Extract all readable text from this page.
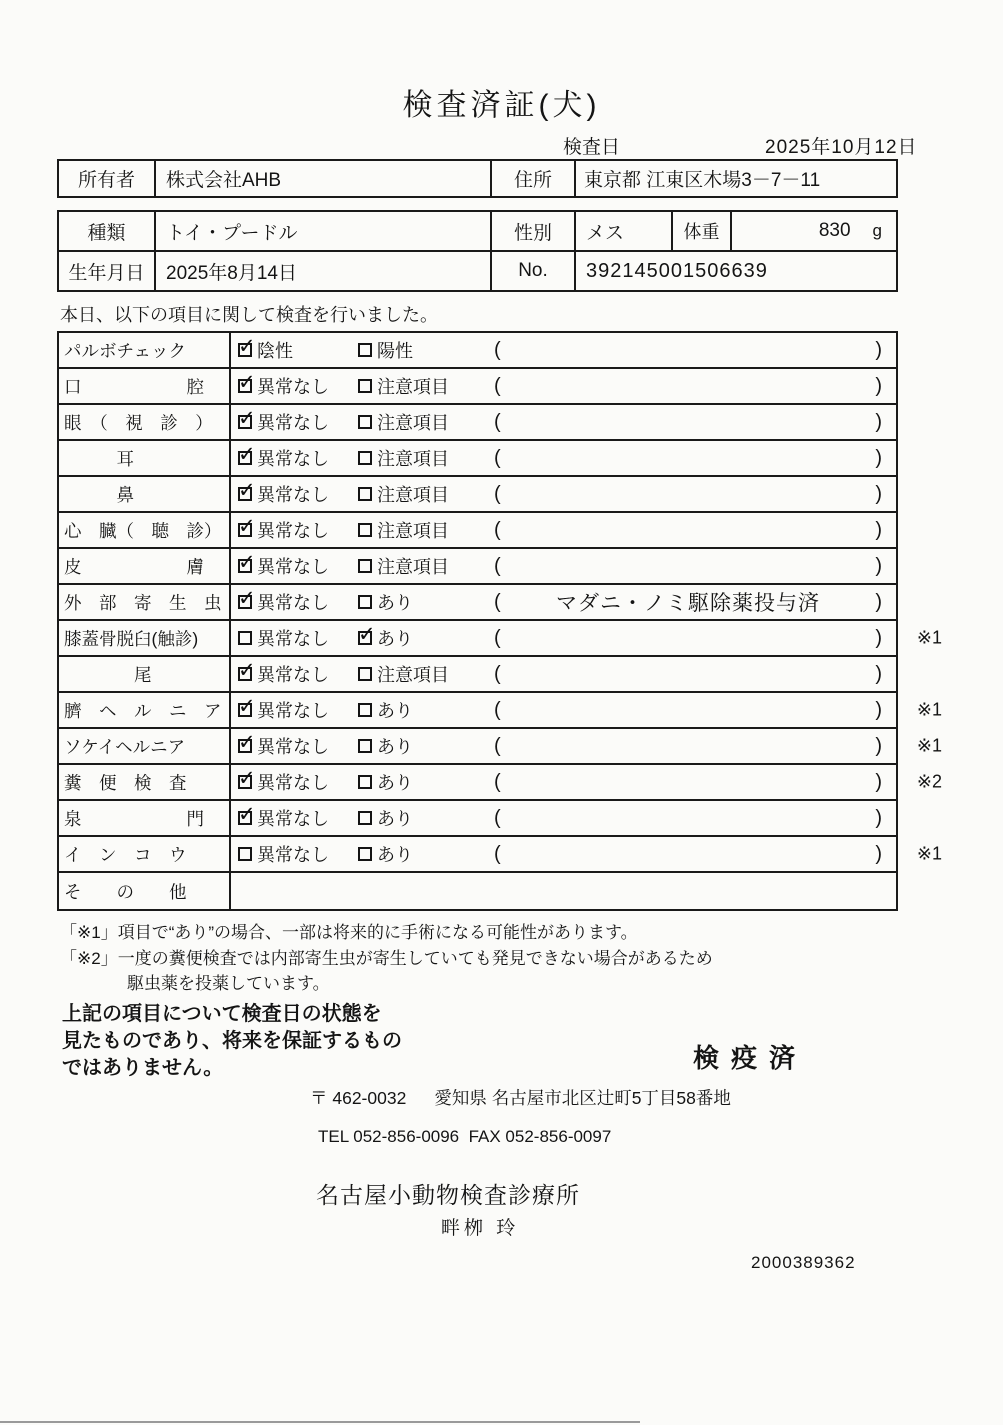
検査済証(犬)
検査日	2025年10月12日
所有者	株式会社AHB	住所	東京都 江東区木場3－7－11
種類	トイ・プードル	性別	メス	体重	830 g
生年月日	2025年8月14日	No.	392145001506639
本日、以下の項目に関して検査を行いました。
パルボチェック ✓	陰性	陽性	(	)
口　　　　　　腔 ✓	異常なし	注意項目 (	)
眼　（　視　診　） ✓	異常なし	注意項目 (	)
　　　耳 ✓	異常なし	注意項目 (	)
　　　鼻 ✓	異常なし	注意項目 (	)
心　臓（　聴　診） ✓	異常なし	注意項目 (	)
皮　　　　　　膚 ✓	異常なし	注意項目 (	)
外　部　寄　生　虫 ✓	異常なし	あり	(	マダニ・ノミ駆除薬投与済	)
膝蓋骨脱臼(触診)	異常なし ✓	あり	(	)	※1
　　　　尾 ✓	異常なし	注意項目 (	)
臍　ヘ　ル　ニ　ア ✓	異常なし	あり	(	)	※1
ソケイヘルニア ✓	異常なし	あり	(	)	※1
糞　便　検　査 ✓	異常なし	あり	(	)	※2
泉　　　　　　門 ✓	異常なし	あり	(	)
イ　ン　コ　ウ	異常なし	あり	(	)	※1
そ　　の　　他
「※1」項目で“あり”の場合、一部は将来的に手術になる可能性があります。
「※2」一度の糞便検査では内部寄生虫が寄生していても発見できない場合があるため
駆虫薬を投薬しています。
上記の項目について検査日の状態を
見たものであり、将来を保証するもの
ではありません。	検疫済
〒 462-0032 愛知県 名古屋市北区辻町5丁目58番地
TEL 052-856-0096  FAX 052-856-0097
名古屋小動物検査診療所
畔栁 玲
2000389362
